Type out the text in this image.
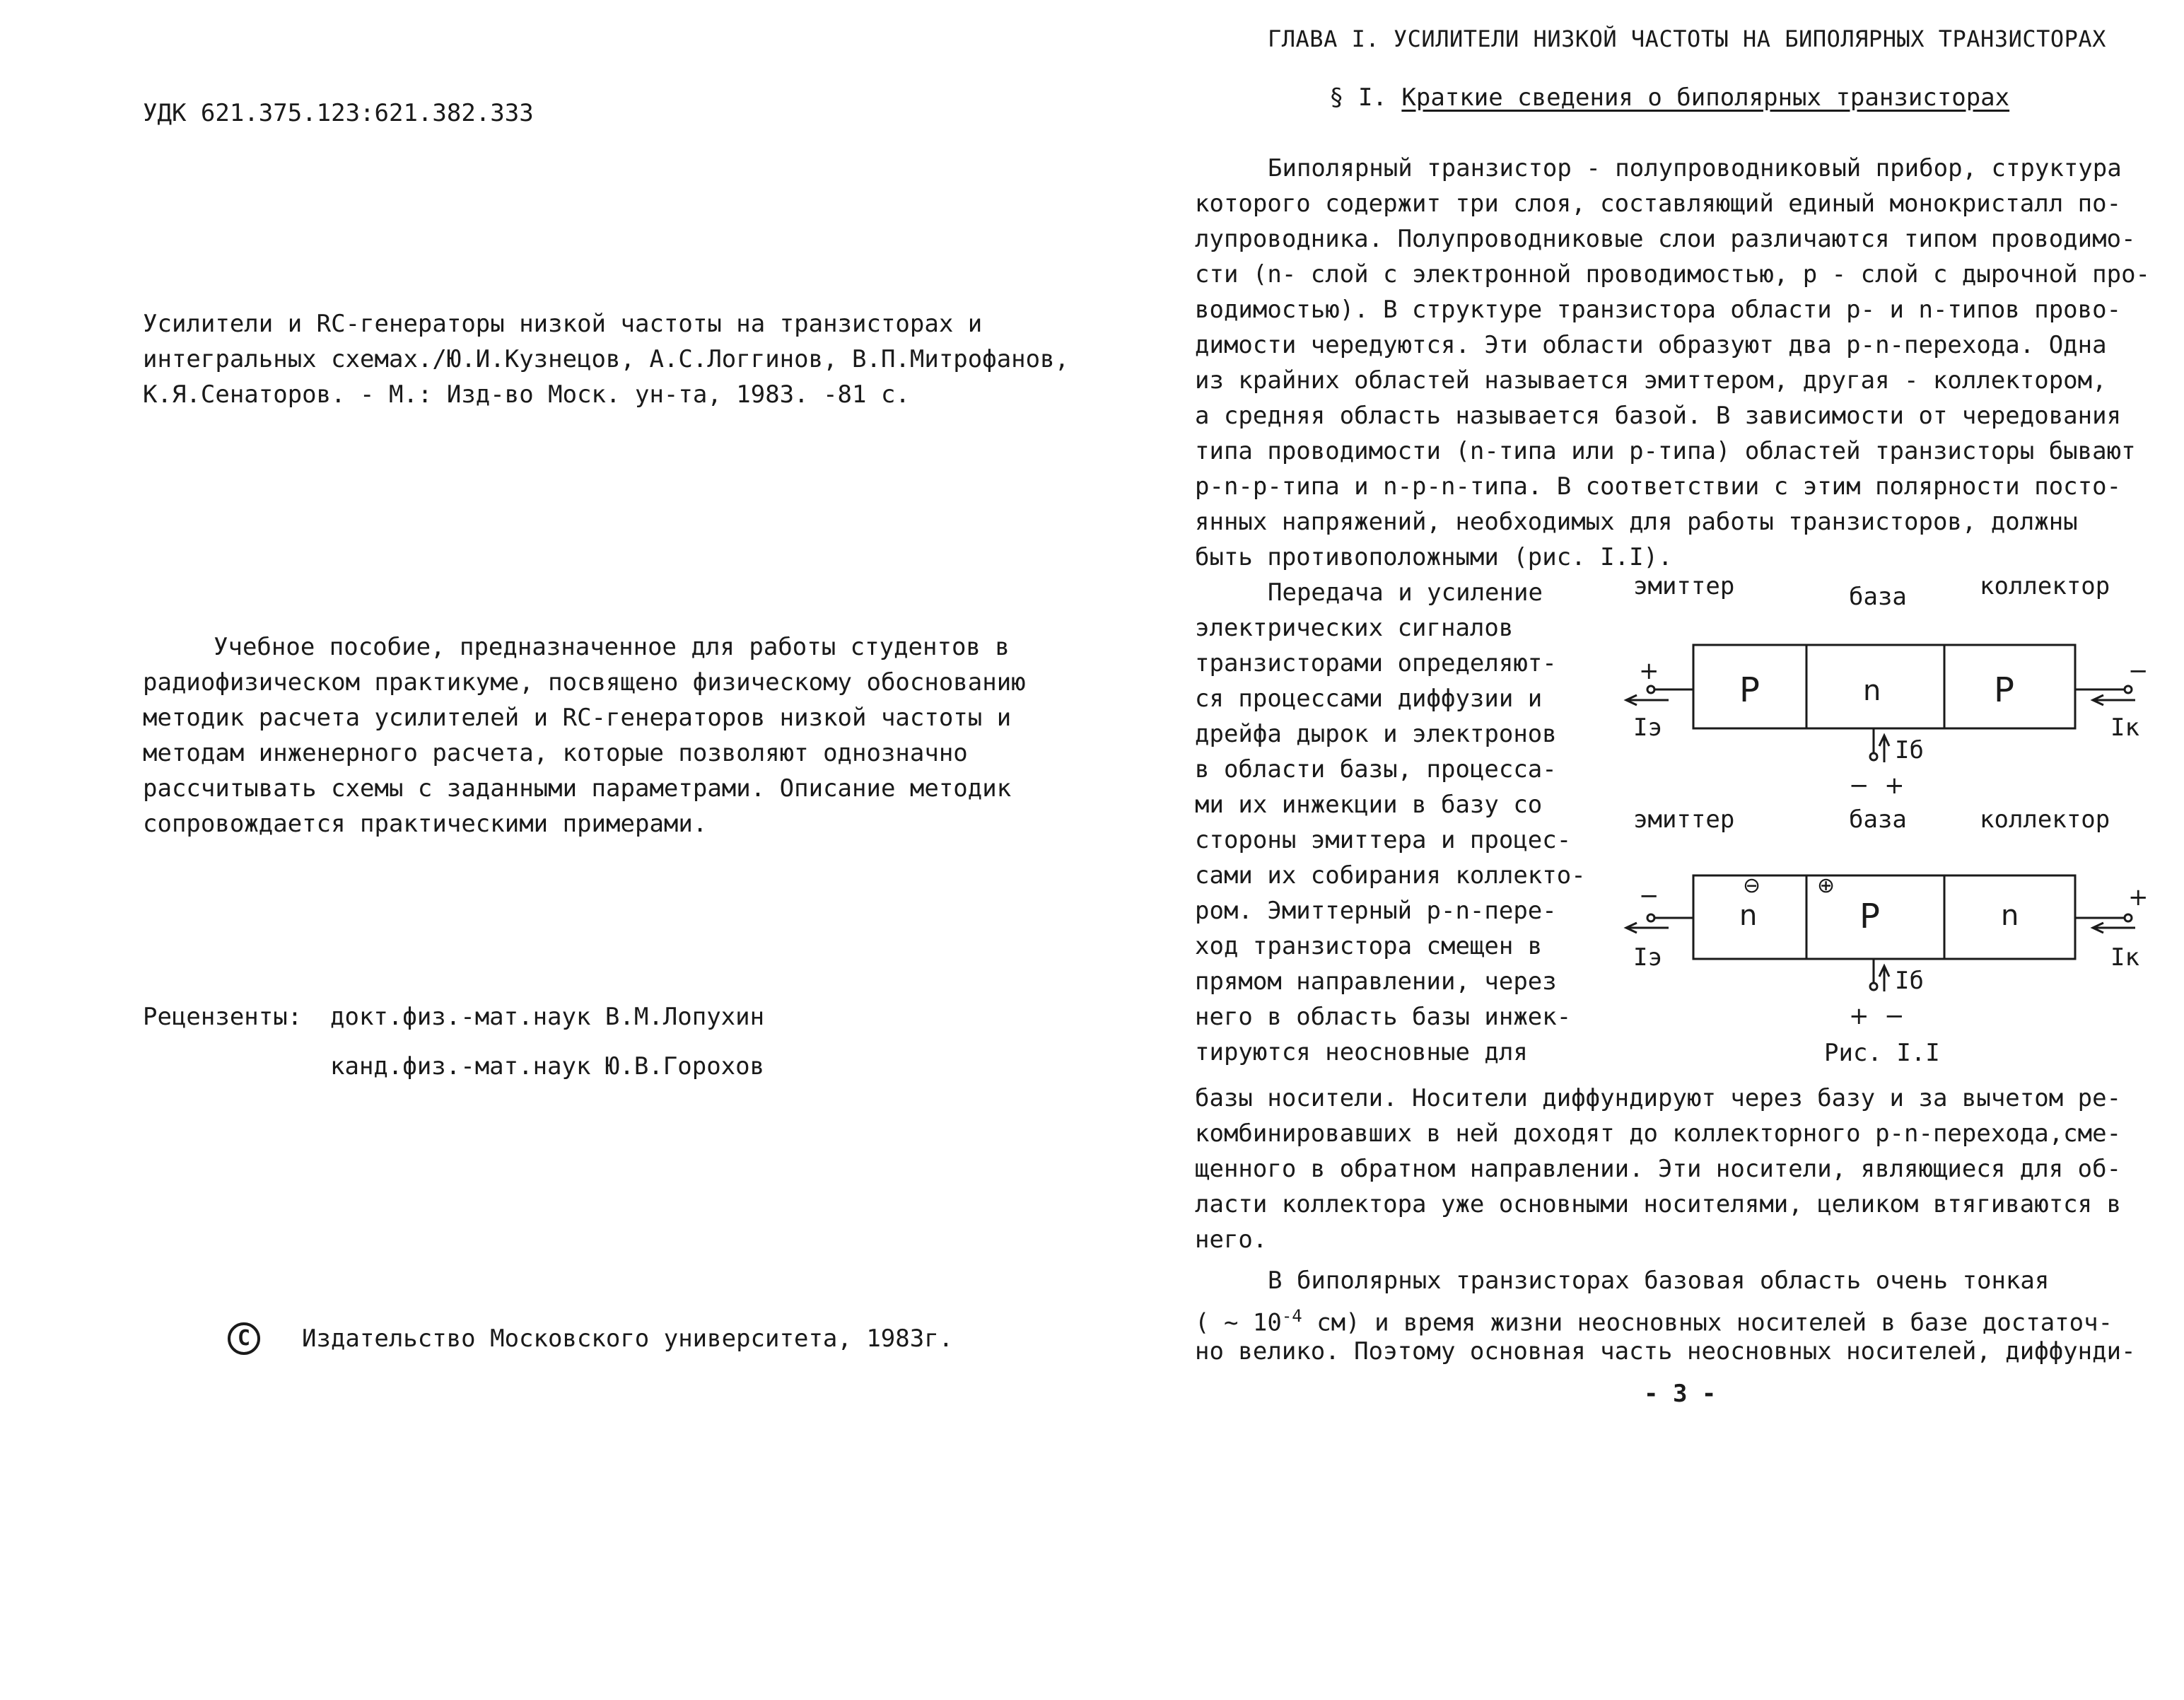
УДК 621.375.123:621.382.333
Усилители и RC-генераторы низкой частоты на транзисторах и
интегральных схемах./Ю.И.Кузнецов, А.С.Логгинов, В.П.Митрофанов,
К.Я.Сенаторов. - М.: Изд-во Моск. ун-та, 1983. -81 с.
Учебное пособие, предназначенное для работы студентов в
радиофизическом практикуме, посвящено физическому обоснованию
методик расчета усилителей и RC-генераторов низкой частоты и
методам инженерного расчета, которые позволяют однозначно
рассчитывать схемы с заданными параметрами. Описание методик
сопровождается практическими примерами.
Рецензенты: докт.физ.-мат.наук В.М.Лопухин
канд.физ.-мат.наук Ю.В.Горохов
C	Издательство Московского университета, 1983г.
ГЛАВА I. УСИЛИТЕЛИ НИЗКОЙ ЧАСТОТЫ НА БИПОЛЯРНЫХ ТРАНЗИСТОРАХ
§ I. Краткие сведения о биполярных транзисторах
Биполярный транзистор - полупроводниковый прибор, структура
которого содержит три слоя, составляющий единый монокристалл по-
лупроводника. Полупроводниковые слои различаются типом проводимо-
сти (n- слой с электронной проводимостью, p - слой с дырочной про-
водимостью). В структуре транзистора области p- и n-типов прово-
димости чередуются. Эти области образуют два p-n-перехода. Одна
из крайних областей называется эмиттером, другая - коллектором,
а средняя область называется базой. В зависимости от чередования
типа проводимости (n-типа или p-типа) областей транзисторы бывают
p-n-p-типа и n-p-n-типа. В соответствии с этим полярности посто-
янных напряжений, необходимых для работы транзисторов, должны
быть противоположными (рис. I.I).
Передача и усиление
электрических сигналов
транзисторами определяют-
ся процессами диффузии и
дрейфа дырок и электронов
в области базы, процесса-
ми их инжекции в базу со
стороны эмиттера и процес-
сами их собирания коллекто-
ром. Эмиттерный p-n-пере-
ход транзистора смещен в
прямом направлении, через
него в область базы инжек-
тируются неосновные для
базы носители. Носители диффундируют через базу и за вычетом ре-
комбинировавших в ней доходят до коллекторного p-n-перехода,сме-
щенного в обратном направлении. Эти носители, являющиеся для об-
ласти коллектора уже основными носителями, целиком втягиваются в
него.
В биполярных транзисторах базовая область очень тонкая
( ~ $10^{-4}$ см) и время жизни неосновных носителей в базе достаточ-
но велико. Поэтому основная часть неосновных носителей, диффунди-
- 3 -
эмиттер	база	коллектор
P	n	P
+	−
Iэ
Iб
Iк
−  +
эмиттер	база	коллектор
n	P	n
⊖	⊕
−	+
Iэ
Iб
Iк
+  −
Рис. I.I
